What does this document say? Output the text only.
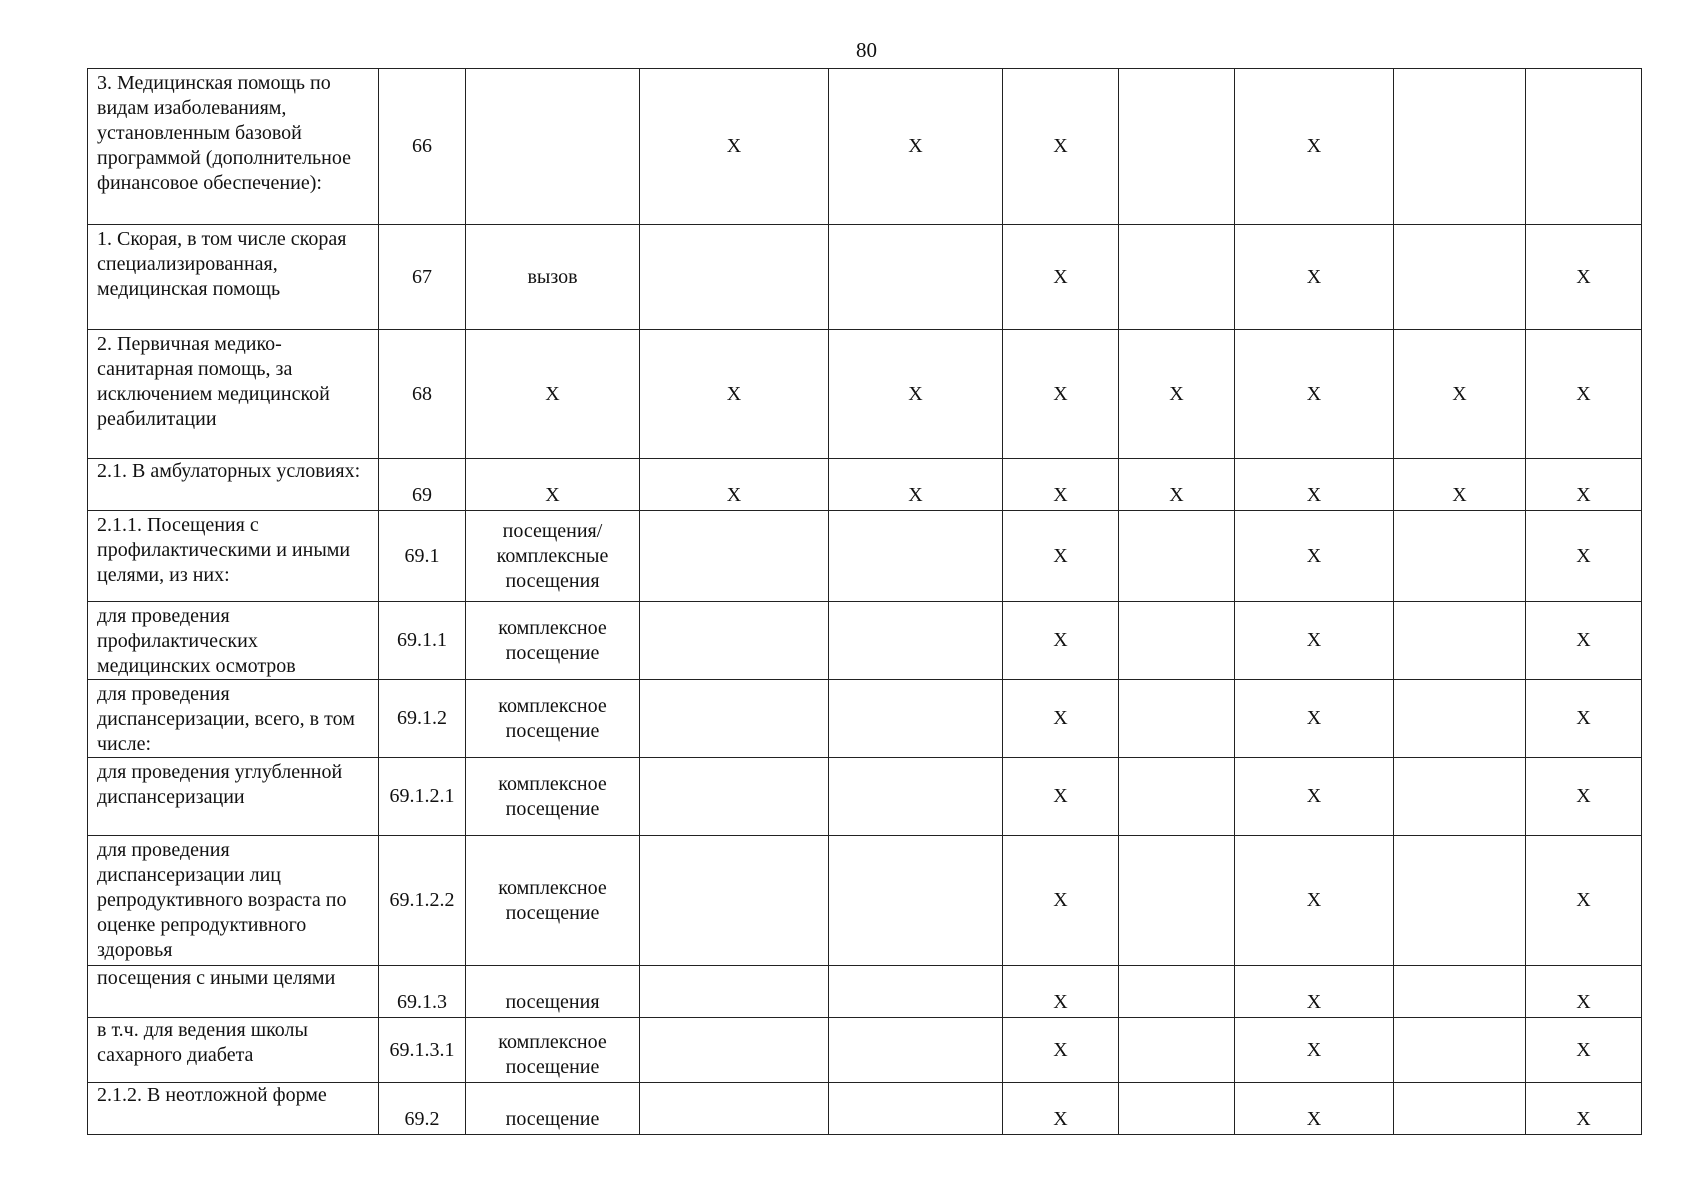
80
3. Медицинская помощь по видам изаболеваниям, установленным базовой программой (дополнительное финансовое обеспечение):	66		Х	Х	Х		Х		
1. Скорая, в том числе скорая специализированная, медицинская помощь	67	вызов			Х		Х		Х
2. Первичная медико-санитарная помощь, за исключением медицинской реабилитации	68	Х	Х	Х	Х	Х	Х	Х	Х
2.1. В амбулаторных условиях:	69	Х	Х	Х	Х	Х	Х	Х	Х
2.1.1. Посещения с профилактическими и иными целями, из них:	69.1	посещения/ комплексные посещения			Х		Х		Х
для проведения профилактических медицинских осмотров	69.1.1	комплексное посещение			Х		Х		Х
для проведения диспансеризации, всего, в том числе:	69.1.2	комплексное посещение			Х		Х		Х
для проведения углубленной диспансеризации	69.1.2.1	комплексное посещение			Х		Х		Х
для проведения диспансеризации лиц репродуктивного возраста по оценке репродуктивного здоровья	69.1.2.2	комплексное посещение			Х		Х		Х
посещения с иными целями	69.1.3	посещения			Х		Х		Х
в т.ч. для ведения школы сахарного диабета	69.1.3.1	комплексное посещение			Х		Х		Х
2.1.2. В неотложной форме	69.2	посещение			Х		Х		Х
